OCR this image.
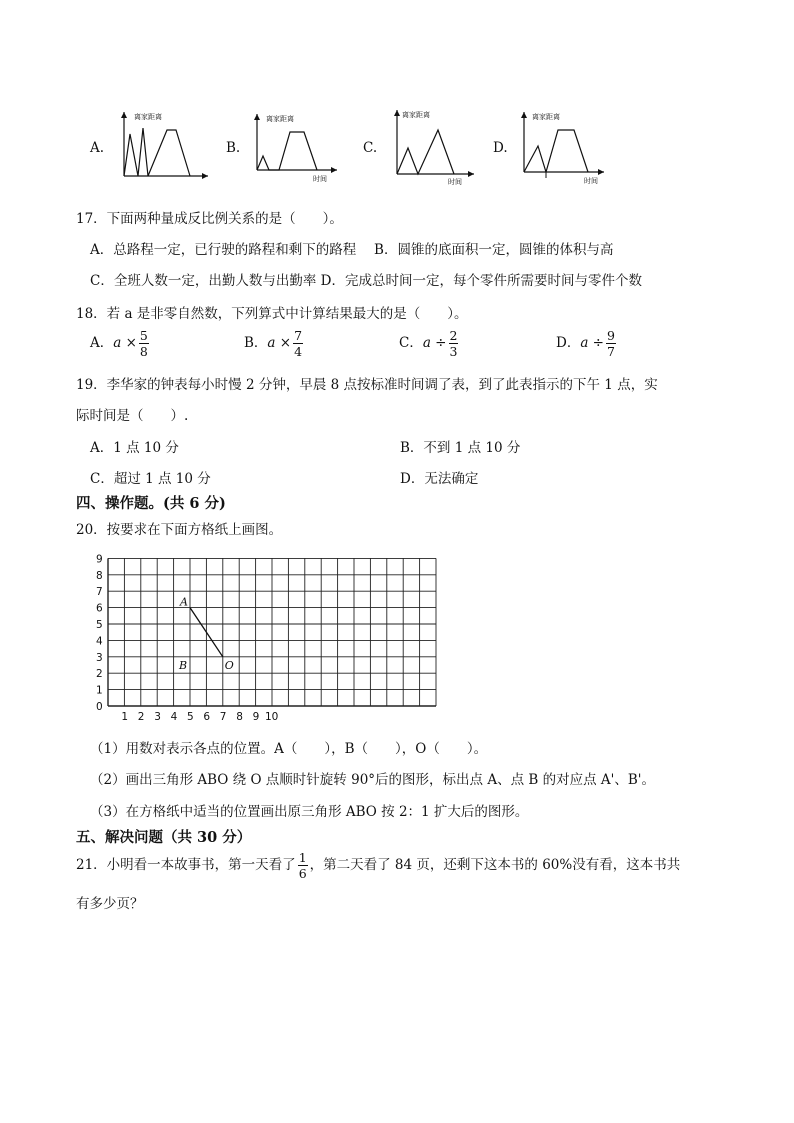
A.
离家距离
B.
离家距离
时间
C.
离家距离
时间
D.
离家距离
时间
17．下面两种量成反比例关系的是（　　）。
A．总路程一定，已行驶的路程和剩下的路程　 B．圆锥的底面积一定，圆锥的体积与高
C．全班人数一定，出勤人数与出勤率 D．完成总时间一定，每个零件所需要时间与零件个数
18．若 a 是非零自然数，下列算式中计算结果最大的是（　　）。
A．$a \times \frac{5}{8}$	B．$a \times \frac{7}{4}$	C．$a \div \frac{2}{3}$	D．$a \div \frac{9}{7}$
19．李华家的钟表每小时慢 2 分钟，早晨 8 点按标准时间调了表，到了此表指示的下午 1 点，实
际时间是（　　）.
A．1 点 10 分	B．不到 1 点 10 分
C．超过 1 点 10 分	D．无法确定
四、操作题。(共 6 分)
20．按要求在下面方格纸上画图。
9
8
7
6
5
4
3
2
1
0
1 2 3 4 5 6 7 8 9 10
A
B	O
（1）用数对表示各点的位置。A（　　），B（　　），O（　　）。
（2）画出三角形 ABO 绕 O 点顺时针旋转 90°后的图形，标出点 A、点 B 的对应点 A'、B'。
（3）在方格纸中适当的位置画出原三角形 ABO 按 2：1 扩大后的图形。
五、解决问题（共 30 分）
21．小明看一本故事书，第一天看了 $\frac{1}{6}$ ，第二天看了 84 页，还剩下这本书的 60%没有看，这本书共
有多少页？
